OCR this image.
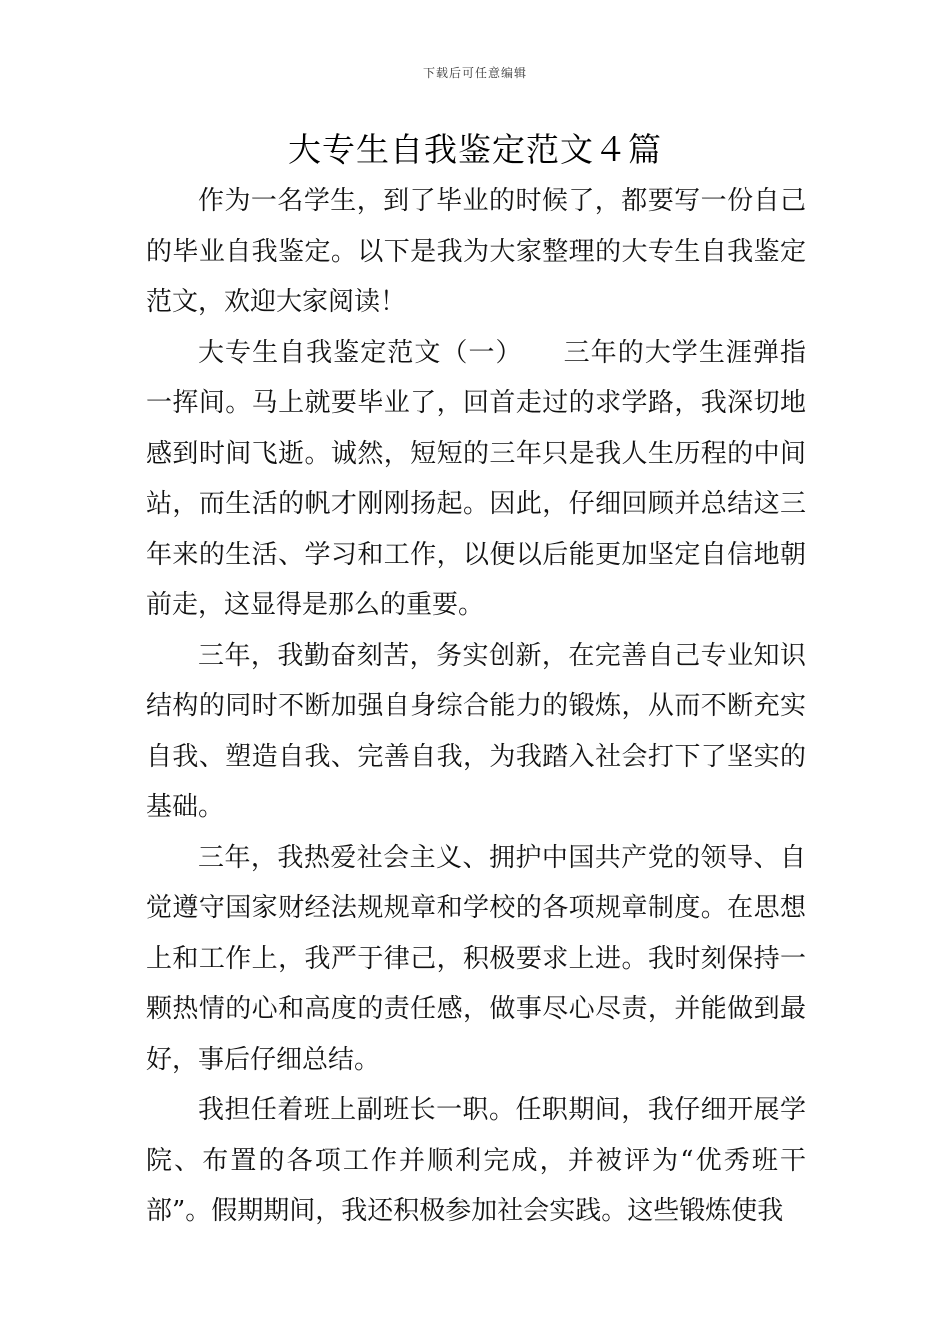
下载后可任意编辑
大专生自我鉴定范文４篇

作为一名学生，到了毕业的时候了，都要写一份自己的毕业自我鉴定。以下是我为大家整理的大专生自我鉴定范文，欢迎大家阅读！

大专生自我鉴定范文（一）　　三年的大学生涯弹指一挥间。马上就要毕业了，回首走过的求学路，我深切地感到时间飞逝。诚然，短短的三年只是我人生历程的中间站，而生活的帆才刚刚扬起。因此，仔细回顾并总结这三年来的生活、学习和工作，以便以后能更加坚定自信地朝前走，这显得是那么的重要。

三年，我勤奋刻苦，务实创新，在完善自己专业知识结构的同时不断加强自身综合能力的锻炼，从而不断充实自我、塑造自我、完善自我，为我踏入社会打下了坚实的基础。

三年，我热爱社会主义、拥护中国共产党的领导、自觉遵守国家财经法规规章和学校的各项规章制度。在思想上和工作上，我严于律己，积极要求上进。我时刻保持一颗热情的心和高度的责任感，做事尽心尽责，并能做到最好，事后仔细总结。

我担任着班上副班长一职。任职期间，我仔细开展学院、布置的各项工作并顺利完成，并被评为“优秀班干部”。假期期间，我还积极参加社会实践。这些锻炼使我
